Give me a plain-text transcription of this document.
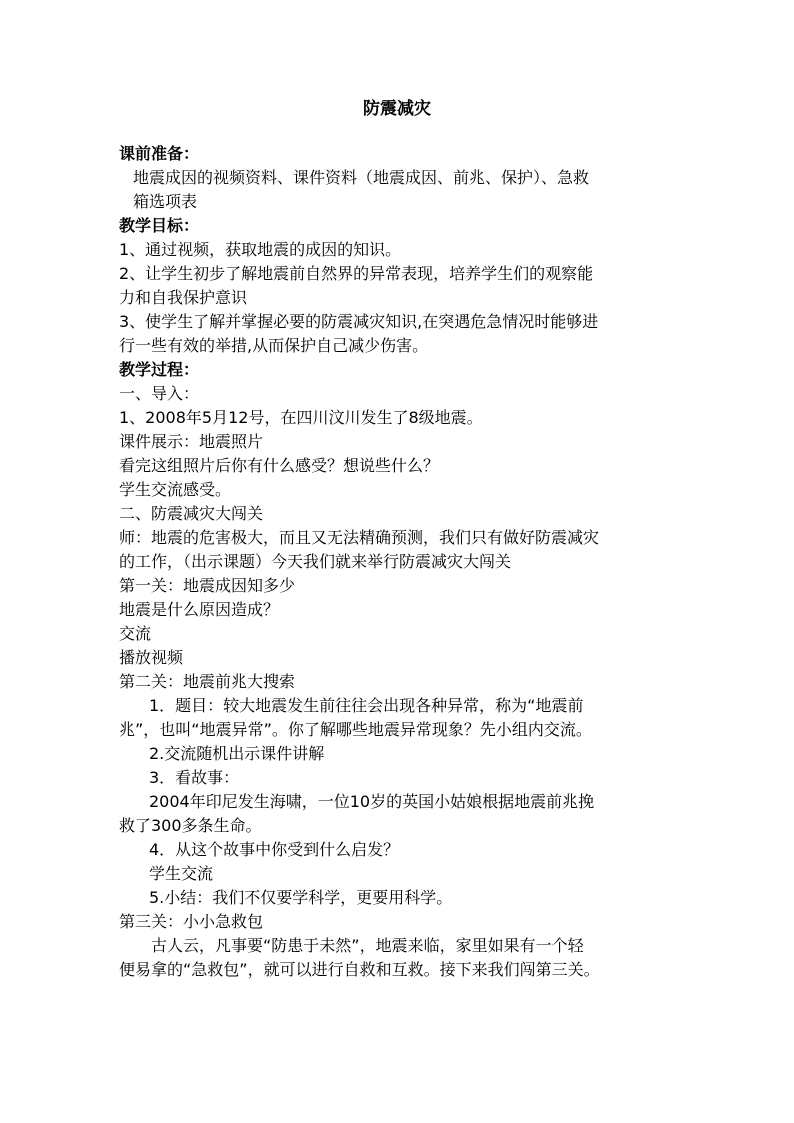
防震减灾
课前准备：
地震成因的视频资料、课件资料（地震成因、前兆、保护）、急救
箱选项表
教学目标：
1、通过视频，获取地震的成因的知识。
2、让学生初步了解地震前自然界的异常表现，培养学生们的观察能
力和自我保护意识
3、使学生了解并掌握必要的防震减灾知识,在突遇危急情况时能够进
行一些有效的举措,从而保护自己减少伤害。
教学过程：
一、导入：
1、2008年5月12号，在四川汶川发生了8级地震。
课件展示：地震照片
看完这组照片后你有什么感受？想说些什么？
学生交流感受。
二、防震减灾大闯关
师：地震的危害极大，而且又无法精确预测，我们只有做好防震减灾
的工作，（出示课题）今天我们就来举行防震减灾大闯关
第一关：地震成因知多少
地震是什么原因造成？
交流
播放视频
第二关：地震前兆大搜索
1．题目：较大地震发生前往往会出现各种异常，称为“地震前
兆”，也叫“地震异常”。你了解哪些地震异常现象？先小组内交流。
2.交流随机出示课件讲解
3．看故事：
2004年印尼发生海啸，一位10岁的英国小姑娘根据地震前兆挽
救了300多条生命。
4．从这个故事中你受到什么启发？
学生交流
5.小结：我们不仅要学科学，更要用科学。
第三关：小小急救包
古人云，凡事要“防患于未然”，地震来临，家里如果有一个轻
便易拿的“急救包”，就可以进行自救和互救。接下来我们闯第三关。
